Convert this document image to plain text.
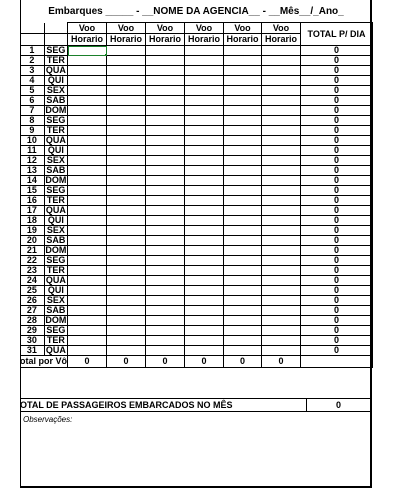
Embarques _____ - __NOME DA AGENCIA__ - __Mês__/_Ano_
		Voo	Voo	Voo	Voo	Voo	Voo	TOTAL P/ DIA
		Horario	Horario	Horario	Horario	Horario	Horario	
1	SEG							0
2	TER							0
3	QUA							0
4	QUI							0
5	SEX							0
6	SAB							0
7	DOM							0
8	SEG							0
9	TER							0
10	QUA							0
11	QUI							0
12	SEX							0
13	SAB							0
14	DOM							0
15	SEG							0
16	TER							0
17	QUA							0
18	QUI							0
19	SEX							0
20	SAB							0
21	DOM							0
22	SEG							0
23	TER							0
24	QUA							0
25	QUI							0
26	SEX							0
27	SAB							0
28	DOM							0
29	SEG							0
30	TER							0
31	QUA							0
otal por Vô		0	0	0	0	0	0	
OTAL DE PASSAGEIROS EMBARCADOS NO MÊS	0
Observações:
